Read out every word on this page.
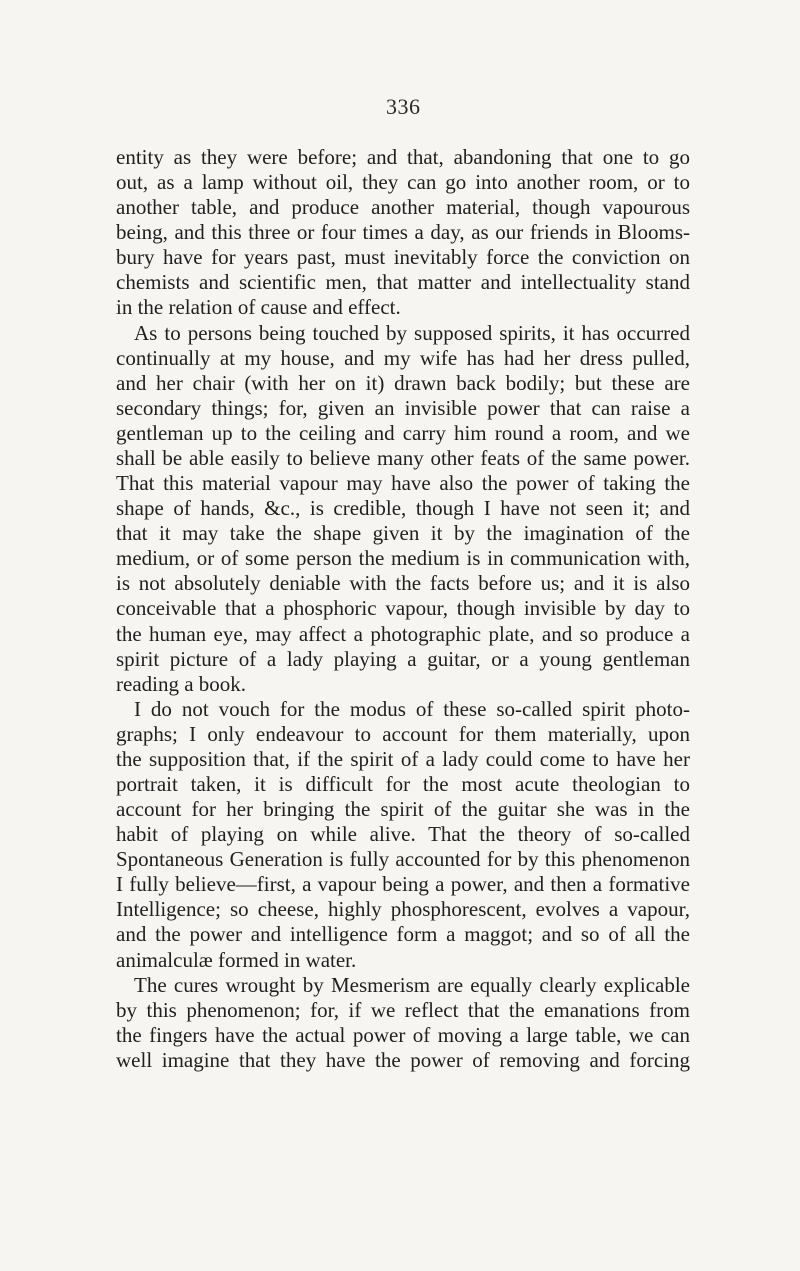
336
entity as they were before; and that, abandoning that one to go
out, as a lamp without oil, they can go into another room, or to
another table, and produce another material, though vapourous
being, and this three or four times a day, as our friends in Blooms-
bury have for years past, must inevitably force the conviction on
chemists and scientific men, that matter and intellectuality stand
in the relation of cause and effect.
As to persons being touched by supposed spirits, it has occurred
continually at my house, and my wife has had her dress pulled,
and her chair (with her on it) drawn back bodily; but these are
secondary things; for, given an invisible power that can raise a
gentleman up to the ceiling and carry him round a room, and we
shall be able easily to believe many other feats of the same power.
That this material vapour may have also the power of taking the
shape of hands, &c., is credible, though I have not seen it; and
that it may take the shape given it by the imagination of the
medium, or of some person the medium is in communication with,
is not absolutely deniable with the facts before us; and it is also
conceivable that a phosphoric vapour, though invisible by day to
the human eye, may affect a photographic plate, and so produce a
spirit picture of a lady playing a guitar, or a young gentleman
reading a book.
I do not vouch for the modus of these so-called spirit photo-
graphs; I only endeavour to account for them materially, upon
the supposition that, if the spirit of a lady could come to have her
portrait taken, it is difficult for the most acute theologian to
account for her bringing the spirit of the guitar she was in the
habit of playing on while alive. That the theory of so-called
Spontaneous Generation is fully accounted for by this phenomenon
I fully believe—first, a vapour being a power, and then a formative
Intelligence; so cheese, highly phosphorescent, evolves a vapour,
and the power and intelligence form a maggot; and so of all the
animalculæ formed in water.
The cures wrought by Mesmerism are equally clearly explicable
by this phenomenon; for, if we reflect that the emanations from
the fingers have the actual power of moving a large table, we can
well imagine that they have the power of removing and forcing
